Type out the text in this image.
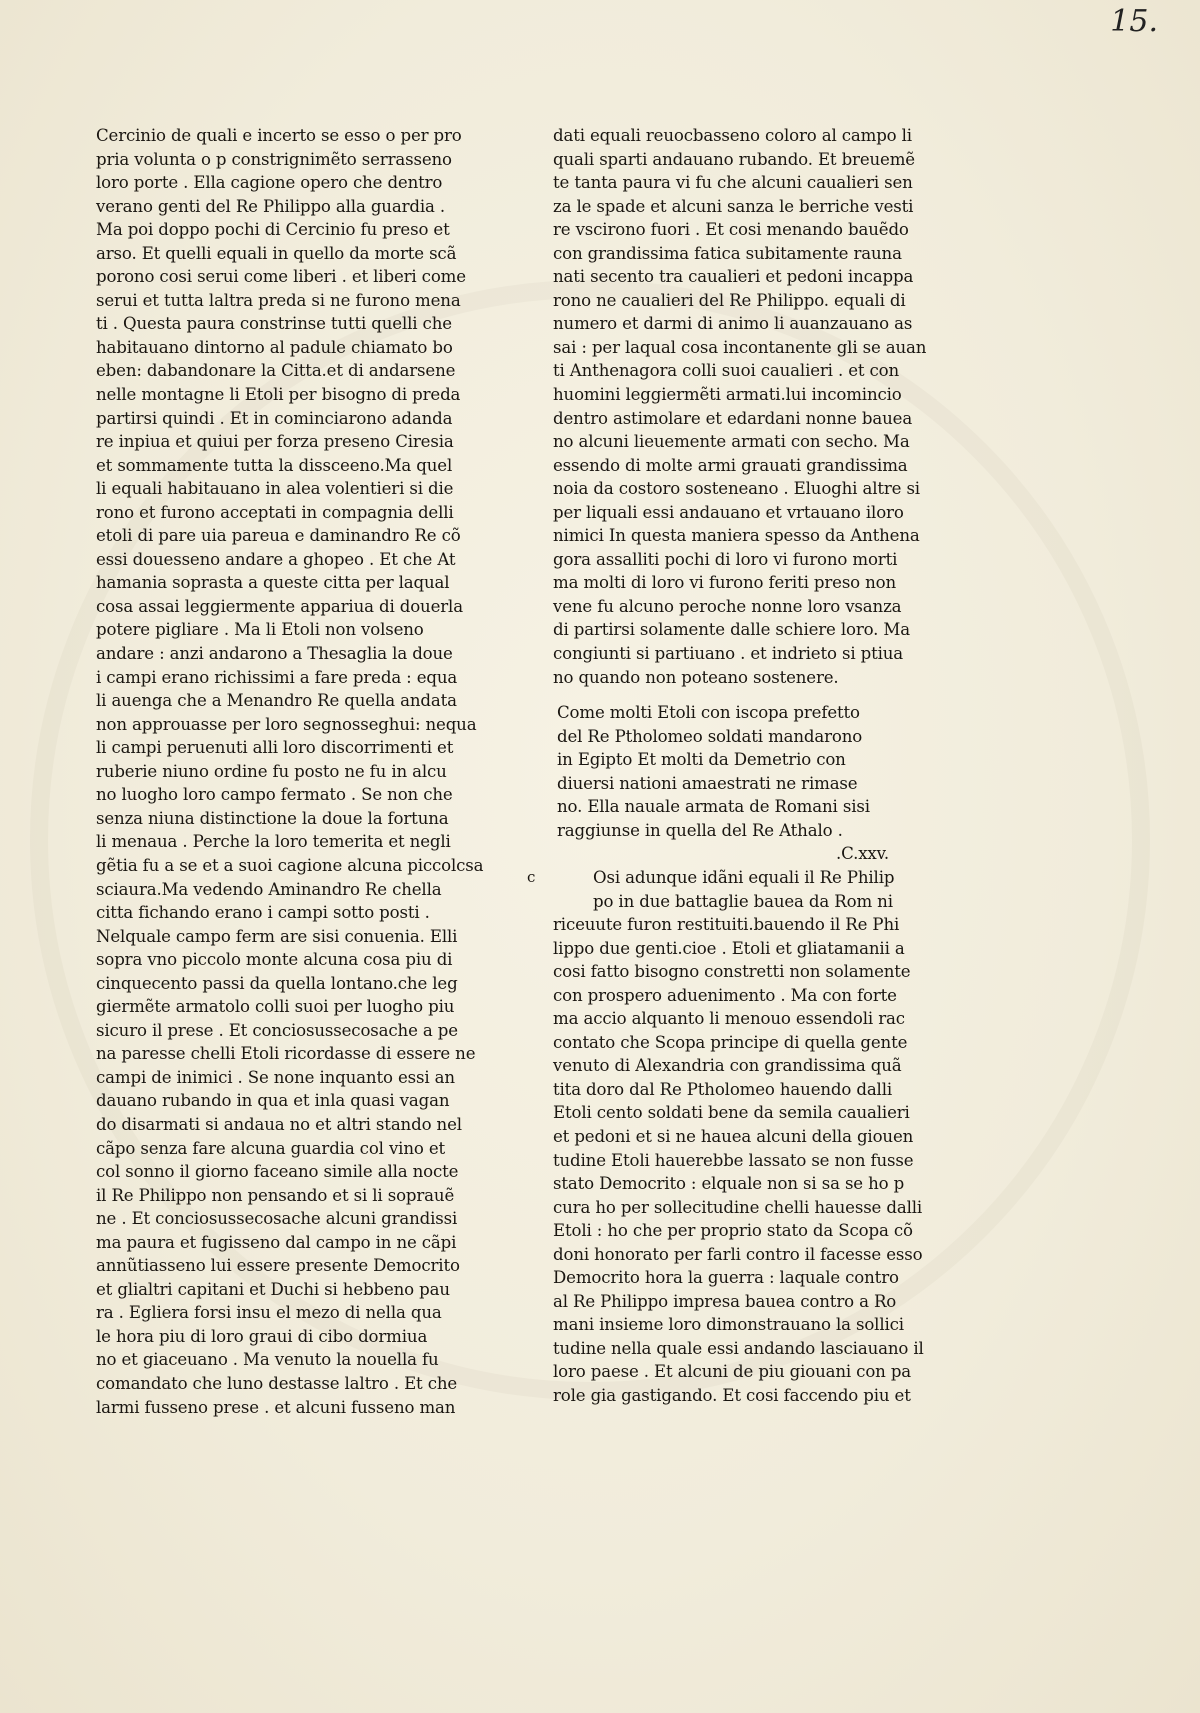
15.
Cercinio de quali e incerto se esso o per pro
pria volunta o p constrignimẽto serrasseno
loro porte . Ella cagione opero che dentro
verano genti del Re Philippo alla guardia .
Ma poi doppo pochi di Cercinio fu preso et
arso. Et quelli equali in quello da morte scã
porono cosi serui come liberi . et liberi come
serui et tutta laltra preda si ne furono mena
ti . Questa paura constrinse tutti quelli che
habitauano dintorno al padule chiamato bo
eben: dabandonare la Citta.et di andarsene
nelle montagne li Etoli per bisogno di preda
partirsi quindi . Et in cominciarono adanda
re inpiua et quiui per forza preseno Ciresia
et sommamente tutta la dissceeno.Ma quel
li equali habitauano in alea volentieri si die
rono et furono acceptati in compagnia delli
etoli di pare uia pareua e daminandro Re cõ
essi douesseno andare a ghopeo . Et che At
hamania soprasta a queste citta per laqual
cosa assai leggiermente appariua di douerla
potere pigliare . Ma li Etoli non volseno
andare : anzi andarono a Thesaglia la doue
i campi erano richissimi a fare preda : equa
li auenga che a Menandro Re quella andata
non approuasse per loro segnosseghui: nequa
li campi peruenuti alli loro discorrimenti et
ruberie niuno ordine fu posto ne fu in alcu
no luogho loro campo fermato . Se non che
senza niuna distinctione la doue la fortuna
li menaua . Perche la loro temerita et negli
gẽtia fu a se et a suoi cagione alcuna piccolcsa
sciaura.Ma vedendo Aminandro Re chella
citta fichando erano i campi sotto posti .
Nelquale campo ferm are sisi conuenia. Elli
sopra vno piccolo monte alcuna cosa piu di
cinquecento passi da quella lontano.che leg
giermẽte armatolo colli suoi per luogho piu
sicuro il prese . Et conciosussecosache a pe
na paresse chelli Etoli ricordasse di essere ne
campi de inimici . Se none inquanto essi an
dauano rubando in qua et inla quasi vagan
do disarmati si andaua no et altri stando nel
cãpo senza fare alcuna guardia col vino et
col sonno il giorno faceano simile alla nocte
il Re Philippo non pensando et si li soprauẽ
ne . Et conciosussecosache alcuni grandissi
ma paura et fugisseno dal campo in ne cãpi
annũtiasseno lui essere presente Democrito
et glialtri capitani et Duchi si hebbeno pau
ra . Egliera forsi insu el mezo di nella qua
le hora piu di loro graui di cibo dormiua
no et giaceuano . Ma venuto la nouella fu
comandato che luno destasse laltro . Et che
larmi fusseno prese . et alcuni fusseno man
dati equali reuocbasseno coloro al campo li
quali sparti andauano rubando. Et breuemẽ
te tanta paura vi fu che alcuni caualieri sen
za le spade et alcuni sanza le berriche vesti
re vscirono fuori . Et cosi menando bauẽdo
con grandissima fatica subitamente rauna
nati secento tra caualieri et pedoni incappa
rono ne caualieri del Re Philippo. equali di
numero et darmi di animo li auanzauano as
sai : per laqual cosa incontanente gli se auan
ti Anthenagora colli suoi caualieri . et con
huomini leggiermẽti armati.lui incomincio
dentro astimolare et edardani nonne bauea
no alcuni lieuemente armati con secho. Ma
essendo di molte armi grauati grandissima
noia da costoro sosteneano . Eluoghi altre si
per liquali essi andauano et vrtauano iloro
nimici In questa maniera spesso da Anthena
gora assalliti pochi di loro vi furono morti
ma molti di loro vi furono feriti preso non
vene fu alcuno peroche nonne loro vsanza
di partirsi solamente dalle schiere loro. Ma
congiunti si partiuano . et indrieto si ptiua
no quando non poteano sostenere.
Come molti Etoli con iscopa prefetto
del Re Ptholomeo soldati mandarono
in Egipto Et molti da Demetrio con
diuersi nationi amaestrati ne rimase
no. Ella nauale armata de Romani sisi
raggiunse in quella del Re Athalo .
.C.xxv.
c	Osi adunque idãni equali il Re Philip
po in due battaglie bauea da Rom ni
riceuute furon restituiti.bauendo il Re Phi
lippo due genti.cioe . Etoli et gliatamanii a
cosi fatto bisogno constretti non solamente
con prospero aduenimento . Ma con forte
ma accio alquanto li menouo essendoli rac
contato che Scopa principe di quella gente
venuto di Alexandria con grandissima quã
tita doro dal Re Ptholomeo hauendo dalli
Etoli cento soldati bene da semila caualieri
et pedoni et si ne hauea alcuni della giouen
tudine Etoli hauerebbe lassato se non fusse
stato Democrito : elquale non si sa se ho p
cura ho per sollecitudine chelli hauesse dalli
Etoli : ho che per proprio stato da Scopa cõ
doni honorato per farli contro il facesse esso
Democrito hora la guerra : laquale contro
al Re Philippo impresa bauea contro a Ro
mani insieme loro dimonstrauano la sollici
tudine nella quale essi andando lasciauano il
loro paese . Et alcuni de piu giouani con pa
role gia gastigando. Et cosi faccendo piu et
